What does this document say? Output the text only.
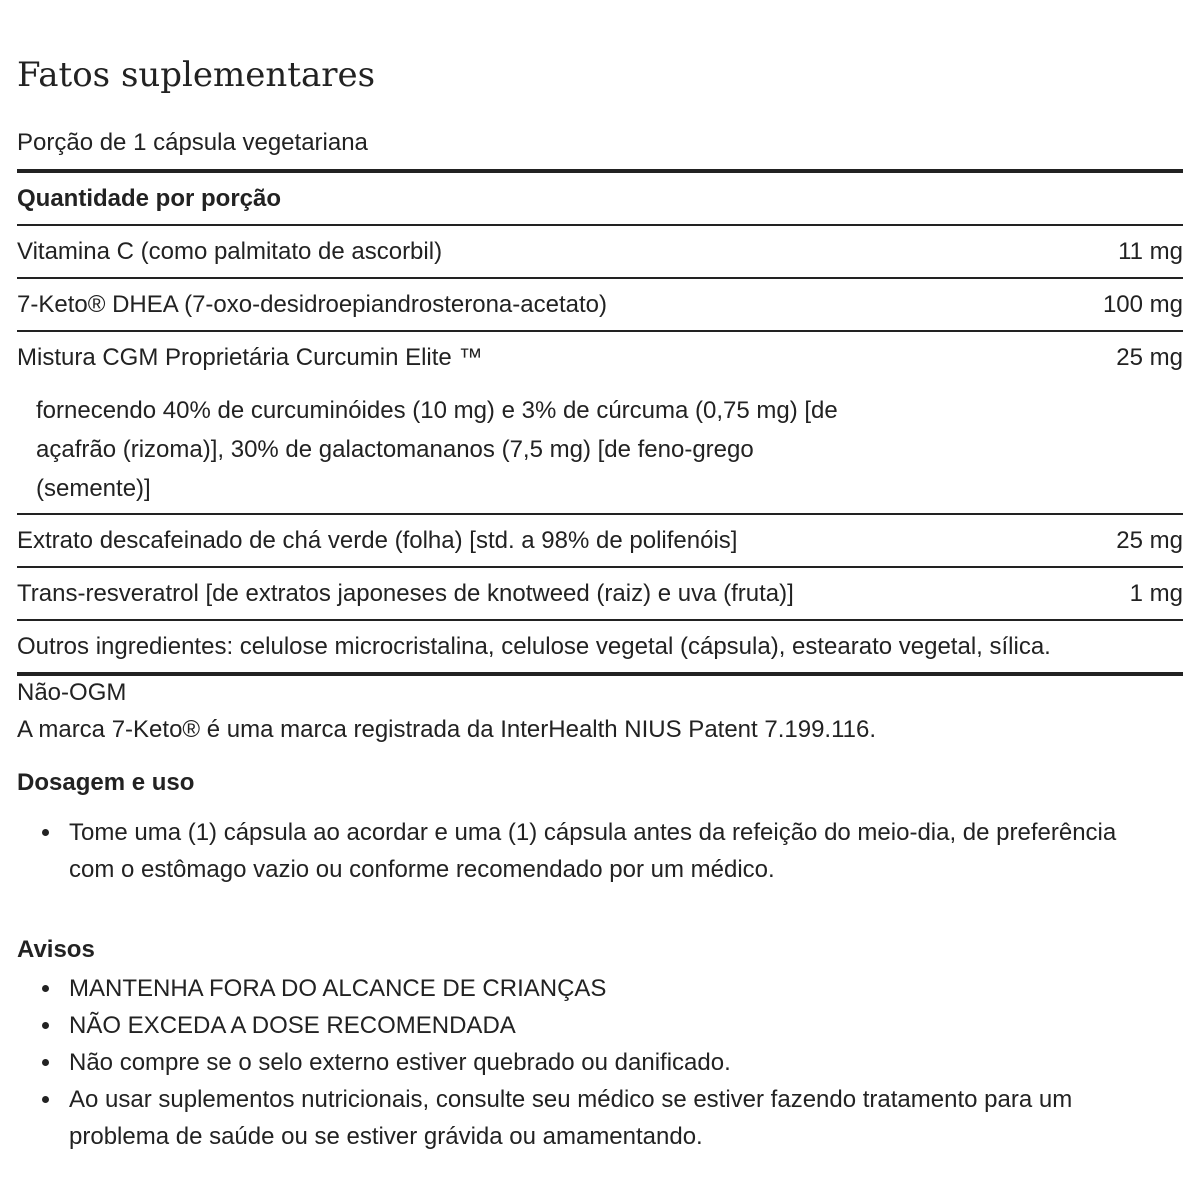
Fatos suplementares
Porção de 1 cápsula vegetariana
Quantidade por porção
Vitamina C (como palmitato de ascorbil)	11 mg
7-Keto® DHEA (7-oxo-desidroepiandrosterona-acetato)	100 mg
Mistura CGM Proprietária Curcumin Elite ™	25 mg
fornecendo 40% de curcuminóides (10 mg) e 3% de cúrcuma (0,75 mg) [de açafrão (rizoma)], 30% de galactomananos (7,5 mg) [de feno-grego (semente)]
Extrato descafeinado de chá verde (folha) [std. a 98% de polifenóis]	25 mg
Trans-resveratrol [de extratos japoneses de knotweed (raiz) e uva (fruta)]	1 mg
Outros ingredientes: celulose microcristalina, celulose vegetal (cápsula), estearato vegetal, sílica.
Não-OGM
A marca 7-Keto® é uma marca registrada da InterHealth NIUS Patent 7.199.116.
Dosagem e uso
Tome uma (1) cápsula ao acordar e uma (1) cápsula antes da refeição do meio-dia, de preferência com o estômago vazio ou conforme recomendado por um médico.
Avisos
MANTENHA FORA DO ALCANCE DE CRIANÇAS
NÃO EXCEDA A DOSE RECOMENDADA
Não compre se o selo externo estiver quebrado ou danificado.
Ao usar suplementos nutricionais, consulte seu médico se estiver fazendo tratamento para um problema de saúde ou se estiver grávida ou amamentando.
